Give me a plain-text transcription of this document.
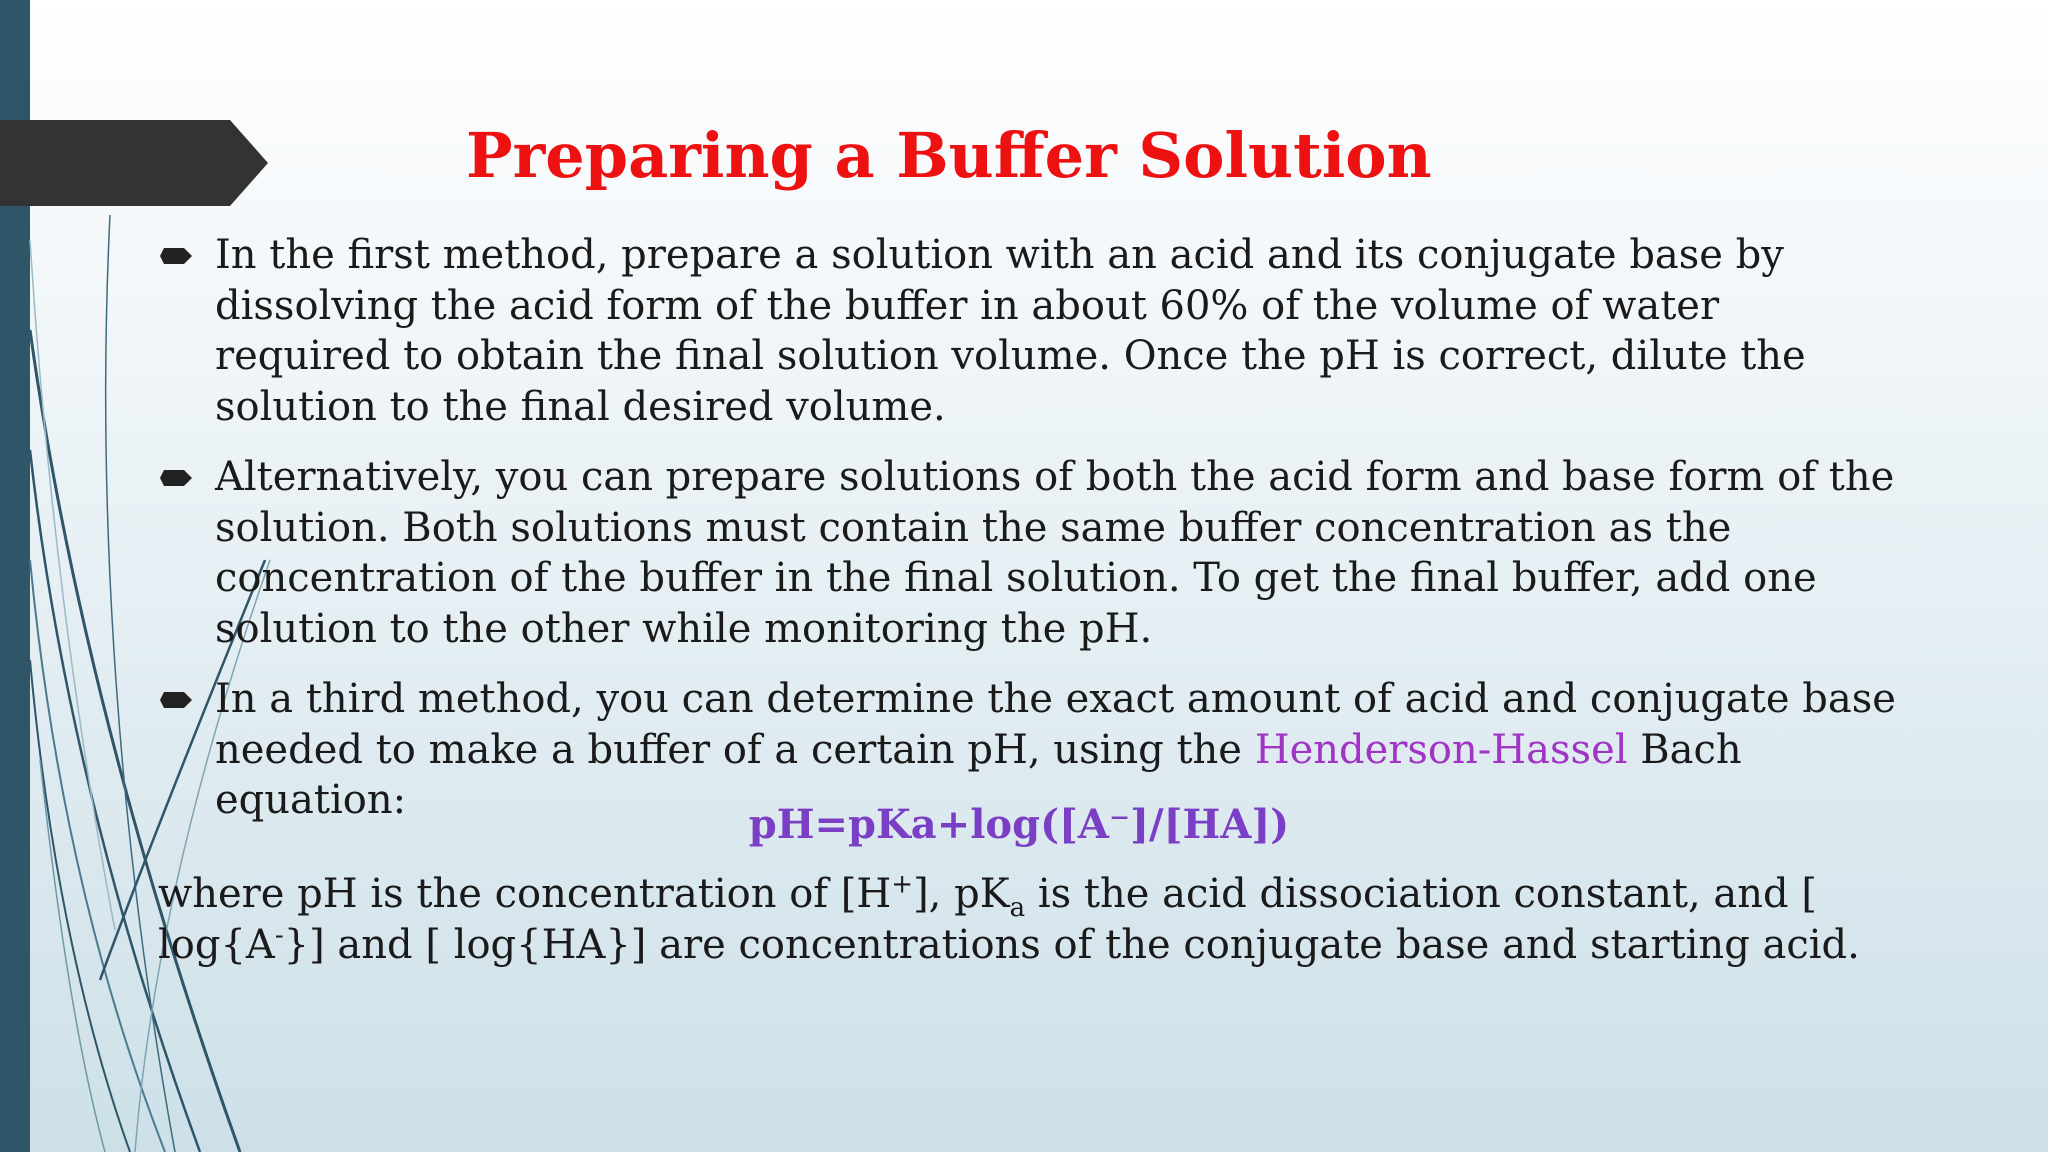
Preparing a Buffer Solution
In the first method, prepare a solution with an acid and its conjugate base by dissolving the acid form of the buffer in about 60% of the volume of water required to obtain the final solution volume. Once the pH is correct, dilute the solution to the final desired volume.
Alternatively, you can prepare solutions of both the acid form and base form of the solution. Both solutions must contain the same buffer concentration as the concentration of the buffer in the final solution. To get the final buffer, add one solution to the other while monitoring the pH.
In a third method, you can determine the exact amount of acid and conjugate base needed to make a buffer of a certain pH, using the Henderson-Hassel Bach equation:
pH=pKa+log([A⁻]/[HA])

where pH is the concentration of [H+], $pK_a$ is the acid dissociation constant, and [ log{A-}] and [ log{HA}] are concentrations of the conjugate base and starting acid.
